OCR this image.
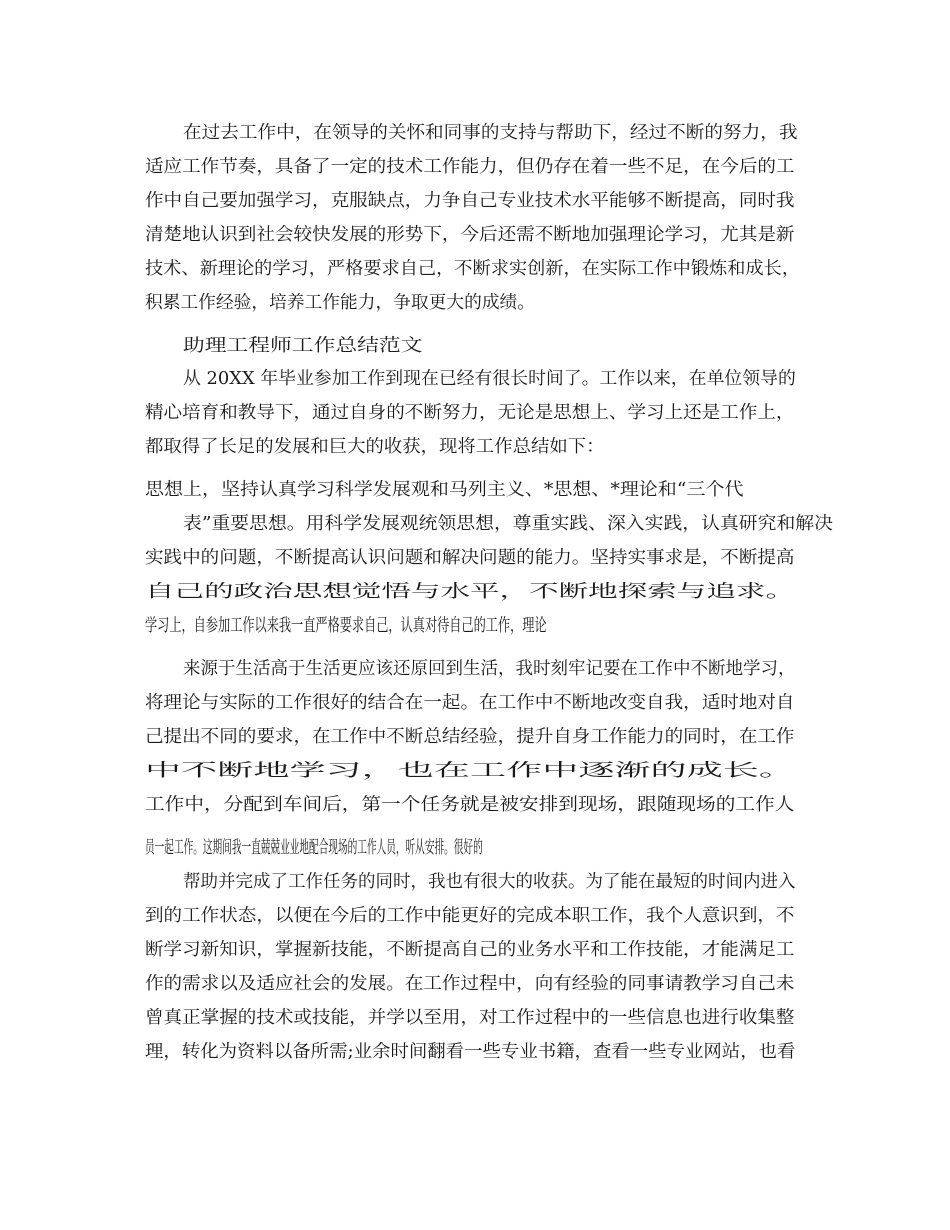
在过去工作中，在领导的关怀和同事的支持与帮助下，经过不断的努力，我

适应工作节奏，具备了一定的技术工作能力，但仍存在着一些不足，在今后的工

作中自己要加强学习，克服缺点，力争自己专业技术水平能够不断提高，同时我

清楚地认识到社会较快发展的形势下，今后还需不断地加强理论学习，尤其是新

技术、新理论的学习，严格要求自己，不断求实创新，在实际工作中锻炼和成长，

积累工作经验，培养工作能力，争取更大的成绩。

助理工程师工作总结范文

从 20XX 年毕业参加工作到现在已经有很长时间了。工作以来，在单位领导的

精心培育和教导下，通过自身的不断努力，无论是思想上、学习上还是工作上，

都取得了长足的发展和巨大的收获，现将工作总结如下：

思想上，坚持认真学习科学发展观和马列主义、*思想、*理论和“三个代

表”重要思想。用科学发展观统领思想，尊重实践、深入实践，认真研究和解决

实践中的问题，不断提高认识问题和解决问题的能力。坚持实事求是，不断提高

自己的政治思想觉悟与水平，不断地探索与追求。

学习上，自参加工作以来我一直严格要求自己，认真对待自己的工作，理论

来源于生活高于生活更应该还原回到生活，我时刻牢记要在工作中不断地学习，

将理论与实际的工作很好的结合在一起。在工作中不断地改变自我，适时地对自

己提出不同的要求，在工作中不断总结经验，提升自身工作能力的同时，在工作

中不断地学习，也在工作中逐渐的成长。

工作中，分配到车间后，第一个任务就是被安排到现场，跟随现场的工作人

员一起工作。这期间我一直兢兢业业地配合现场的工作人员，听从安排。很好的

帮助并完成了工作任务的同时，我也有很大的收获。为了能在最短的时间内进入

到的工作状态，以便在今后的工作中能更好的完成本职工作，我个人意识到，不

断学习新知识，掌握新技能，不断提高自己的业务水平和工作技能，才能满足工

作的需求以及适应社会的发展。在工作过程中，向有经验的同事请教学习自己未

曾真正掌握的技术或技能，并学以至用，对工作过程中的一些信息也进行收集整

理，转化为资料以备所需;业余时间翻看一些专业书籍，查看一些专业网站，也看
